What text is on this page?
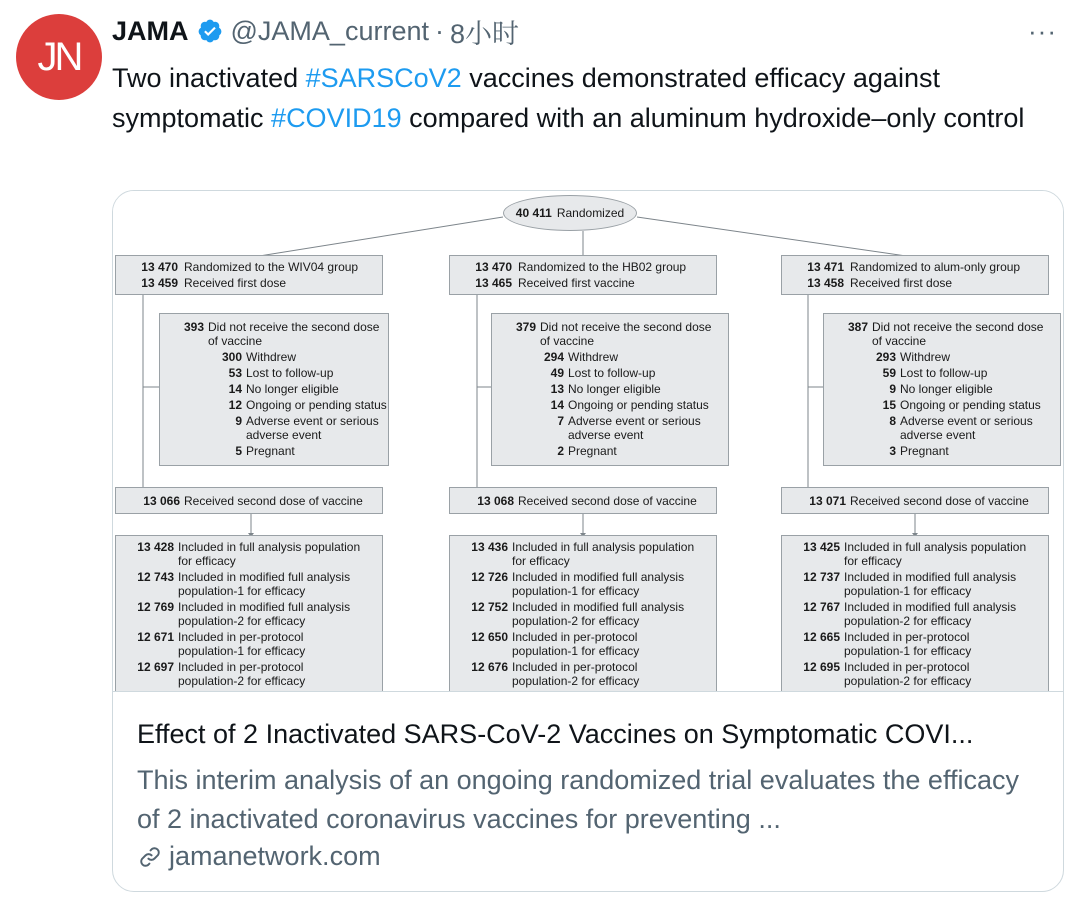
JN
JAMA @JAMA_current · 8小时	···
Two inactivated #SARSCoV2 vaccines demonstrated efficacy against symptomatic #COVID19 compared with an aluminum hydroxide–only control
40 411 Randomized
13 470 Randomized to the WIV04 group
13 459 Received first dose
393 Did not receive the second dose
of vaccine
300 Withdrew
53 Lost to follow-up
14 No longer eligible
12 Ongoing or pending status
9 Adverse event or serious
adverse event
5 Pregnant
13 066 Received second dose of vaccine
13 428 Included in full analysis population
for efficacy
12 743 Included in modified full analysis
population-1 for efficacy
12 769 Included in modified full analysis
population-2 for efficacy
12 671 Included in per-protocol
population-1 for efficacy
12 697 Included in per-protocol
population-2 for efficacy
13 470 Randomized to the HB02 group
13 465 Received first vaccine
379 Did not receive the second dose
of vaccine
294 Withdrew
49 Lost to follow-up
13 No longer eligible
14 Ongoing or pending status
7 Adverse event or serious
adverse event
2 Pregnant
13 068 Received second dose of vaccine
13 436 Included in full analysis population
for efficacy
12 726 Included in modified full analysis
population-1 for efficacy
12 752 Included in modified full analysis
population-2 for efficacy
12 650 Included in per-protocol
population-1 for efficacy
12 676 Included in per-protocol
population-2 for efficacy
13 471 Randomized to alum-only group
13 458 Received first dose
387 Did not receive the second dose
of vaccine
293 Withdrew
59 Lost to follow-up
9 No longer eligible
15 Ongoing or pending status
8 Adverse event or serious
adverse event
3 Pregnant
13 071 Received second dose of vaccine
13 425 Included in full analysis population
for efficacy
12 737 Included in modified full analysis
population-1 for efficacy
12 767 Included in modified full analysis
population-2 for efficacy
12 665 Included in per-protocol
population-1 for efficacy
12 695 Included in per-protocol
population-2 for efficacy
Effect of 2 Inactivated SARS-CoV-2 Vaccines on Symptomatic COVI...
This interim analysis of an ongoing randomized trial evaluates the efficacy of 2 inactivated coronavirus vaccines for preventing ...
jamanetwork.com
